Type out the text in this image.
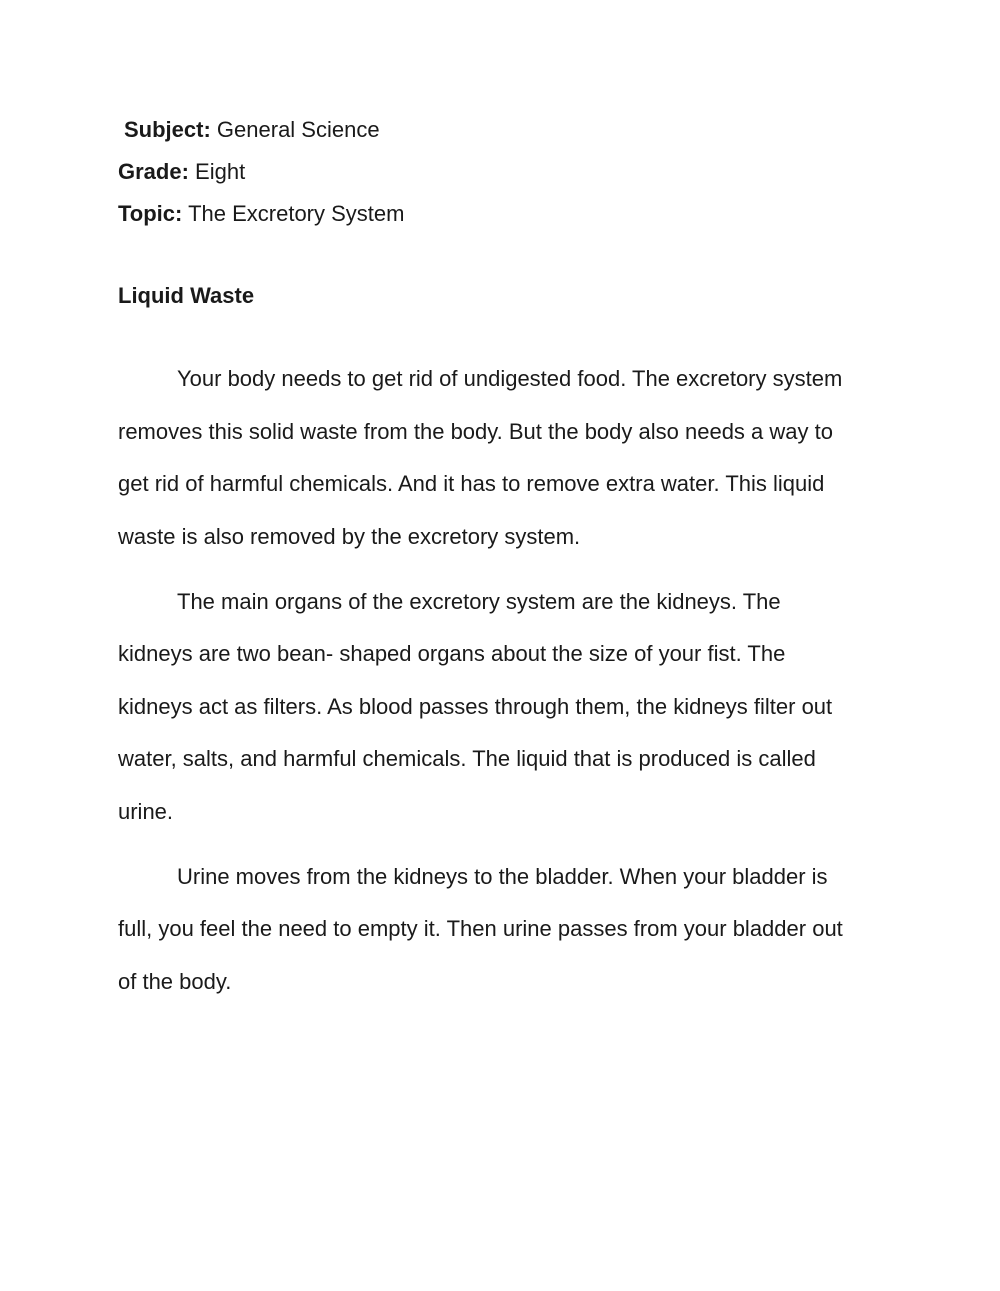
Subject: General Science
Grade: Eight
Topic: The Excretory System
Liquid Waste
Your body needs to get rid of undigested food. The excretory system
removes this solid waste from the body. But the body also needs a way to
get rid of harmful chemicals. And it has to remove extra water. This liquid
waste is also removed by the excretory system.
The main organs of the excretory system are the kidneys. The
kidneys are two bean- shaped organs about the size of your fist. The
kidneys act as filters. As blood passes through them, the kidneys filter out
water, salts, and harmful chemicals. The liquid that is produced is called
urine.
Urine moves from the kidneys to the bladder. When your bladder is
full, you feel the need to empty it. Then urine passes from your bladder out
of the body.
